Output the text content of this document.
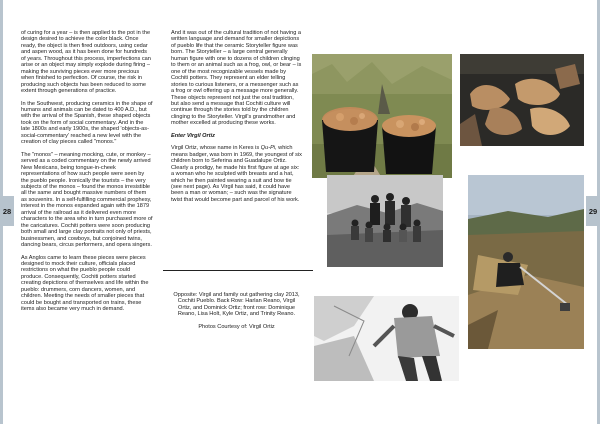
28	29

of curing for a year – is then applied to the pot in the design desired to achieve the color black. Once ready, the object is then fired outdoors, using cedar and aspen wood, as it has been done for hundreds of years. Throughout this process, imperfections can arise or an object may simply explode during firing – making the surviving pieces ever more precious when finished to perfection. Of course, the risk in producing such objects has been reduced to some extent through generations of practice.

In the Southwest, producing ceramics in the shape of humans and animals can be dated to 400 A.D., but with the arrival of the Spanish, these shaped objects took on the form of social commentary. And in the late 1800s and early 1900s, the shaped 'objects-as-social-commentary' reached a new level with the creation of clay pieces called "monos."

The "monos" – meaning mocking, cute, or monkey – served as a coded commentary on the newly arrived New Mexicans, being tongue-in-cheek representations of how such people were seen by the pueblo people. Ironically the tourists – the very subjects of the monos – found the monos irresistible all the same and bought massive numbers of them as souvenirs. In a self-fulfilling commercial prophesy, interest in the monos expanded again with the 1879 arrival of the railroad as it delivered even more characters to the area who in turn purchased more of the caricatures. Cochiti potters were soon producing both small and large clay portraits not only of priests, businessmen, and cowboys, but conjoined twins, dancing bears, circus performers, and opera singers.

As Anglos came to learn these pieces were pieces designed to mock their culture, officials placed restrictions on what the pueblo people could produce. Consequently, Cochiti potters started creating depictions of themselves and life within the pueblo: drummers, corn dancers, women, and children. Meeting the needs of smaller pieces that could be bought and transported on trains, these items also became very much in demand.

And it was out of the cultural tradition of not having a written language and demand for smaller depictions of pueblo life that the ceramic Storyteller figure was born. The Storyteller – a large central generally human figure with one to dozens of children clinging to them or an animal such as a frog, owl, or bear – is one of the most recognizable vessels made by Cochiti potters. They represent an elder telling stories to curious listeners, or a messenger such as a frog or owl offering up a message more generally. These objects represent not just the oral tradition, but also send a message that Cochiti culture will continue through the stories told by the children clinging to the Storyteller. Virgil's grandmother and mother excelled at producing these works.

Enter Virgil Ortiz

Virgil Ortiz, whose name in Keres is Qu-Pi, which means badger, was born in 1969, the youngest of six children born to Seferina and Guadalupe Ortiz. Clearly a prodigy, he made his first figure at age six: a woman who he sculpted with breasts and a hat, which he then painted wearing a suit and bow tie (see next page). As Virgil has said, it could have been a man or woman; – such was the signature twist that would become part and parcel of his work.

Opposite: Virgil and family out gathering clay 2013, Cochiti Pueblo. Back Row: Harlan Reano, Virgil Ortiz, and Dominick Ortiz; front row: Dominique Reano, Lisa Holt, Kyle Ortiz, and Trinity Reano.

Photos Courtesy of: Virgil Ortiz
